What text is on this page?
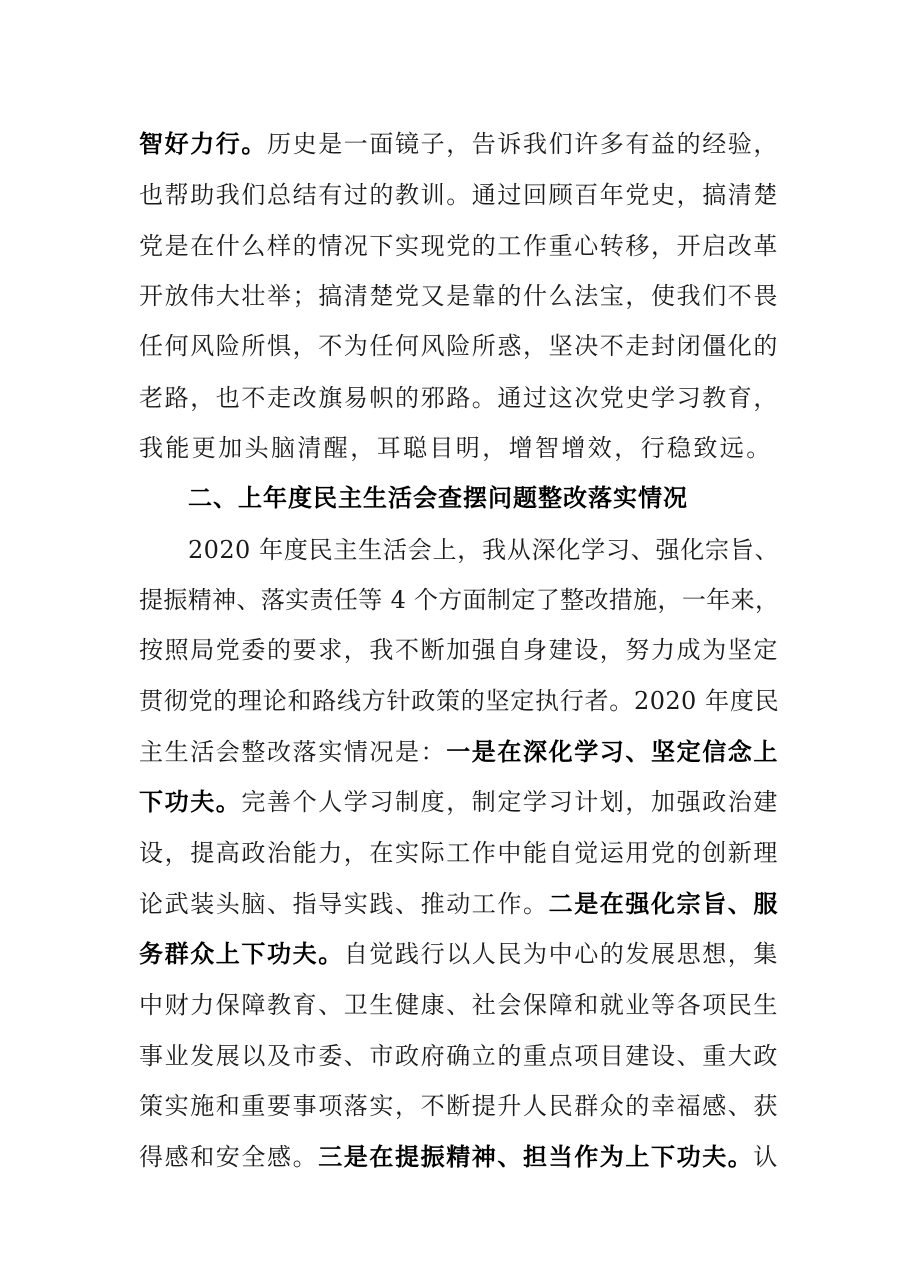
智好力行。历史是一面镜子，告诉我们许多有益的经验，
也帮助我们总结有过的教训。通过回顾百年党史，搞清楚
党是在什么样的情况下实现党的工作重心转移，开启改革
开放伟大壮举；搞清楚党又是靠的什么法宝，使我们不畏
任何风险所惧，不为任何风险所惑，坚决不走封闭僵化的
老路，也不走改旗易帜的邪路。通过这次党史学习教育，
我能更加头脑清醒，耳聪目明，增智增效，行稳致远。
二、上年度民主生活会查摆问题整改落实情况
2020 年度民主生活会上，我从深化学习、强化宗旨、
提振精神、落实责任等 4 个方面制定了整改措施，一年来，
按照局党委的要求，我不断加强自身建设，努力成为坚定
贯彻党的理论和路线方针政策的坚定执行者。2020 年度民
主生活会整改落实情况是：一是在深化学习、坚定信念上
下功夫。完善个人学习制度，制定学习计划，加强政治建
设，提高政治能力，在实际工作中能自觉运用党的创新理
论武装头脑、指导实践、推动工作。二是在强化宗旨、服
务群众上下功夫。自觉践行以人民为中心的发展思想，集
中财力保障教育、卫生健康、社会保障和就业等各项民生
事业发展以及市委、市政府确立的重点项目建设、重大政
策实施和重要事项落实，不断提升人民群众的幸福感、获
得感和安全感。三是在提振精神、担当作为上下功夫。认
